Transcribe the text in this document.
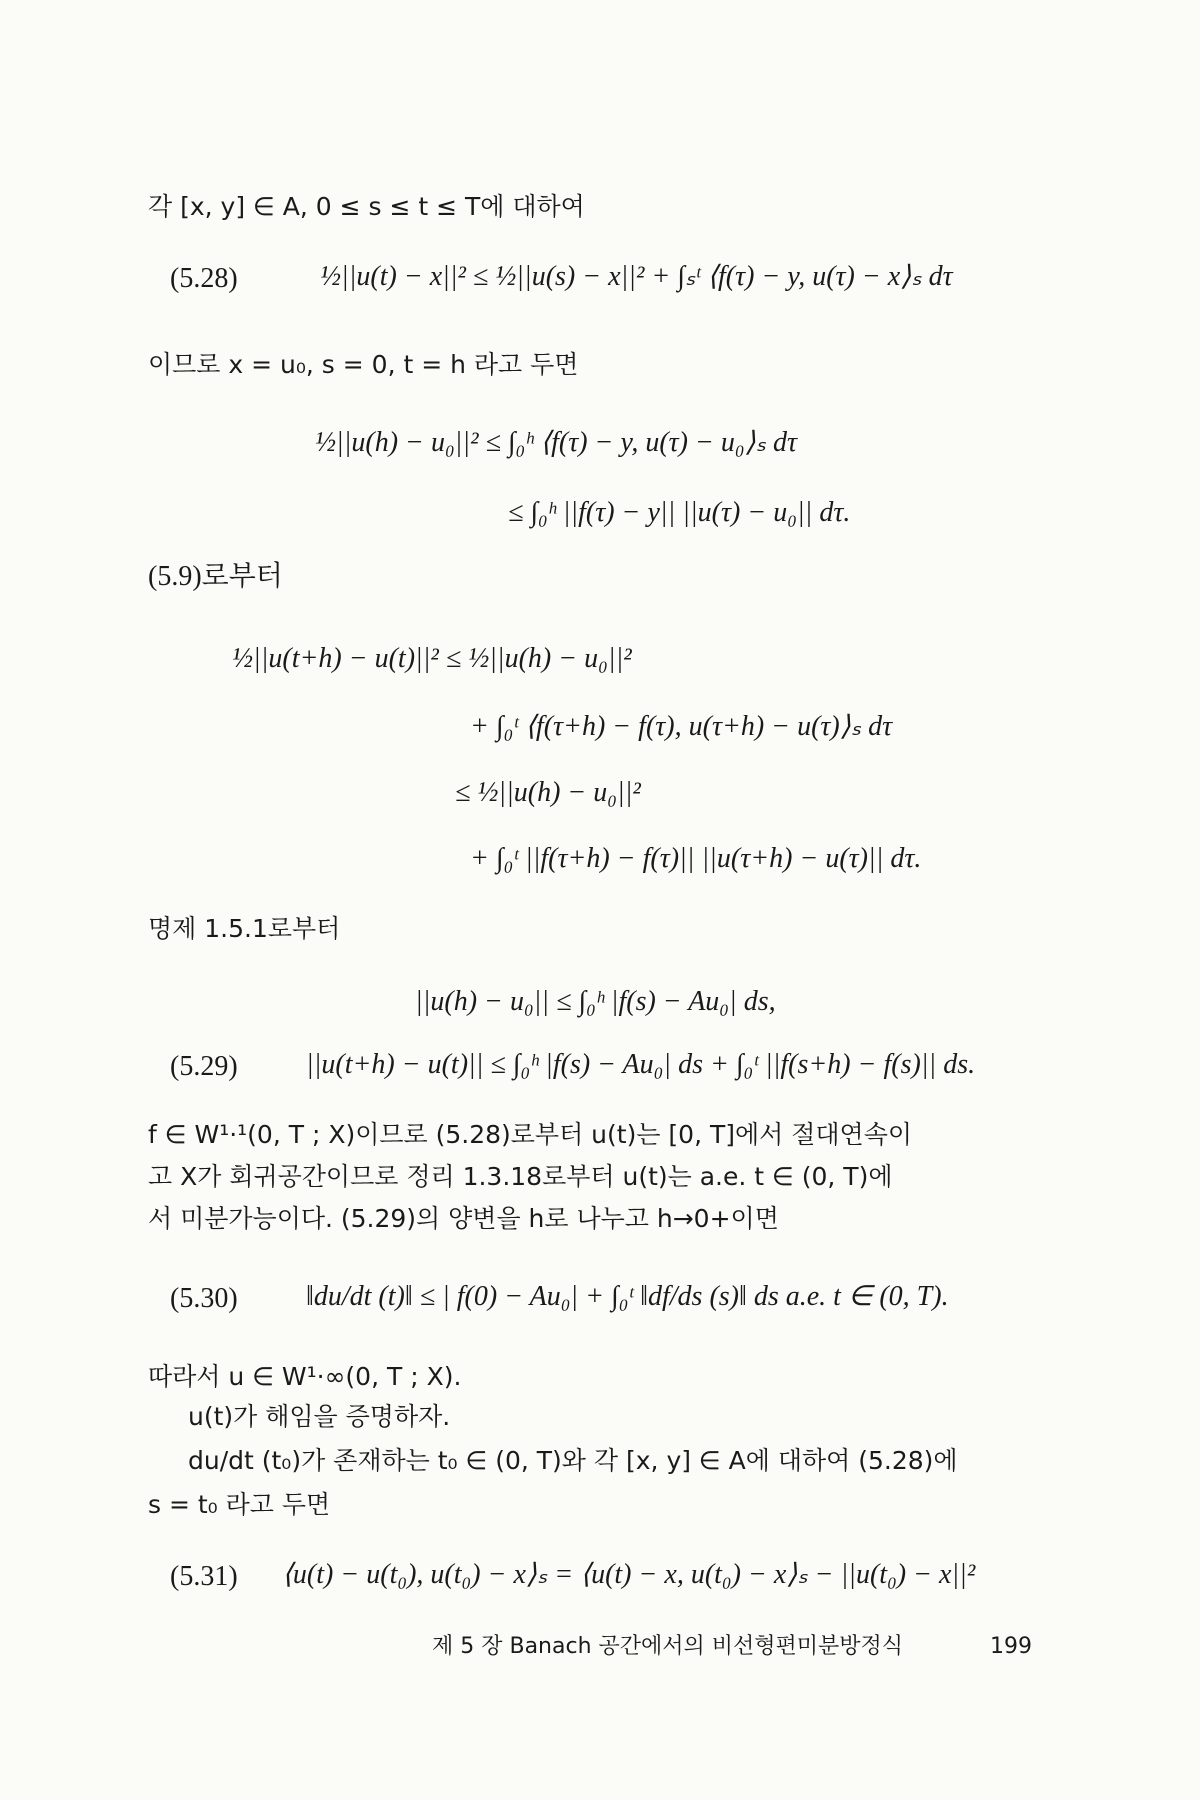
각 [x, y] ∈ A, 0 ≤ s ≤ t ≤ T에 대하여
(5.28)	½||u(t) − x||² ≤ ½||u(s) − x||² + ∫ₛᵗ ⟨f(τ) − y, u(τ) − x⟩ₛ dτ
이므로 x = u₀, s = 0, t = h 라고 두면
½||u(h) − u₀||² ≤ ∫₀ʰ ⟨f(τ) − y, u(τ) − u₀⟩ₛ dτ
≤ ∫₀ʰ ||f(τ) − y|| ||u(τ) − u₀|| dτ.
(5.9)로부터
½||u(t+h) − u(t)||² ≤ ½||u(h) − u₀||²
+ ∫₀ᵗ ⟨f(τ+h) − f(τ), u(τ+h) − u(τ)⟩ₛ dτ
≤ ½||u(h) − u₀||²
+ ∫₀ᵗ ||f(τ+h) − f(τ)|| ||u(τ+h) − u(τ)|| dτ.
명제 1.5.1로부터
||u(h) − u₀|| ≤ ∫₀ʰ |f(s) − Au₀| ds,
(5.29) ||u(t+h) − u(t)|| ≤ ∫₀ʰ |f(s) − Au₀| ds + ∫₀ᵗ ||f(s+h) − f(s)|| ds.
f ∈ W¹·¹(0, T ; X)이므로 (5.28)로부터 u(t)는 [0, T]에서 절대연속이
고 X가 회귀공간이므로 정리 1.3.18로부터 u(t)는 a.e. t ∈ (0, T)에
서 미분가능이다. (5.29)의 양변을 h로 나누고 h→0+이면
(5.30) ‖du/dt (t)‖ ≤ | f(0) − Au₀| + ∫₀ᵗ ‖df/ds (s)‖ ds a.e. t ∈ (0, T).
따라서 u ∈ W¹·∞(0, T ; X).
u(t)가 해임을 증명하자.
du/dt (t₀)가 존재하는 t₀ ∈ (0, T)와 각 [x, y] ∈ A에 대하여 (5.28)에
s = t₀ 라고 두면
(5.31) ⟨u(t) − u(t₀), u(t₀) − x⟩ₛ = ⟨u(t) − x, u(t₀) − x⟩ₛ − ||u(t₀) − x||²
제 5 장 Banach 공간에서의 비선형편미분방정식	199
